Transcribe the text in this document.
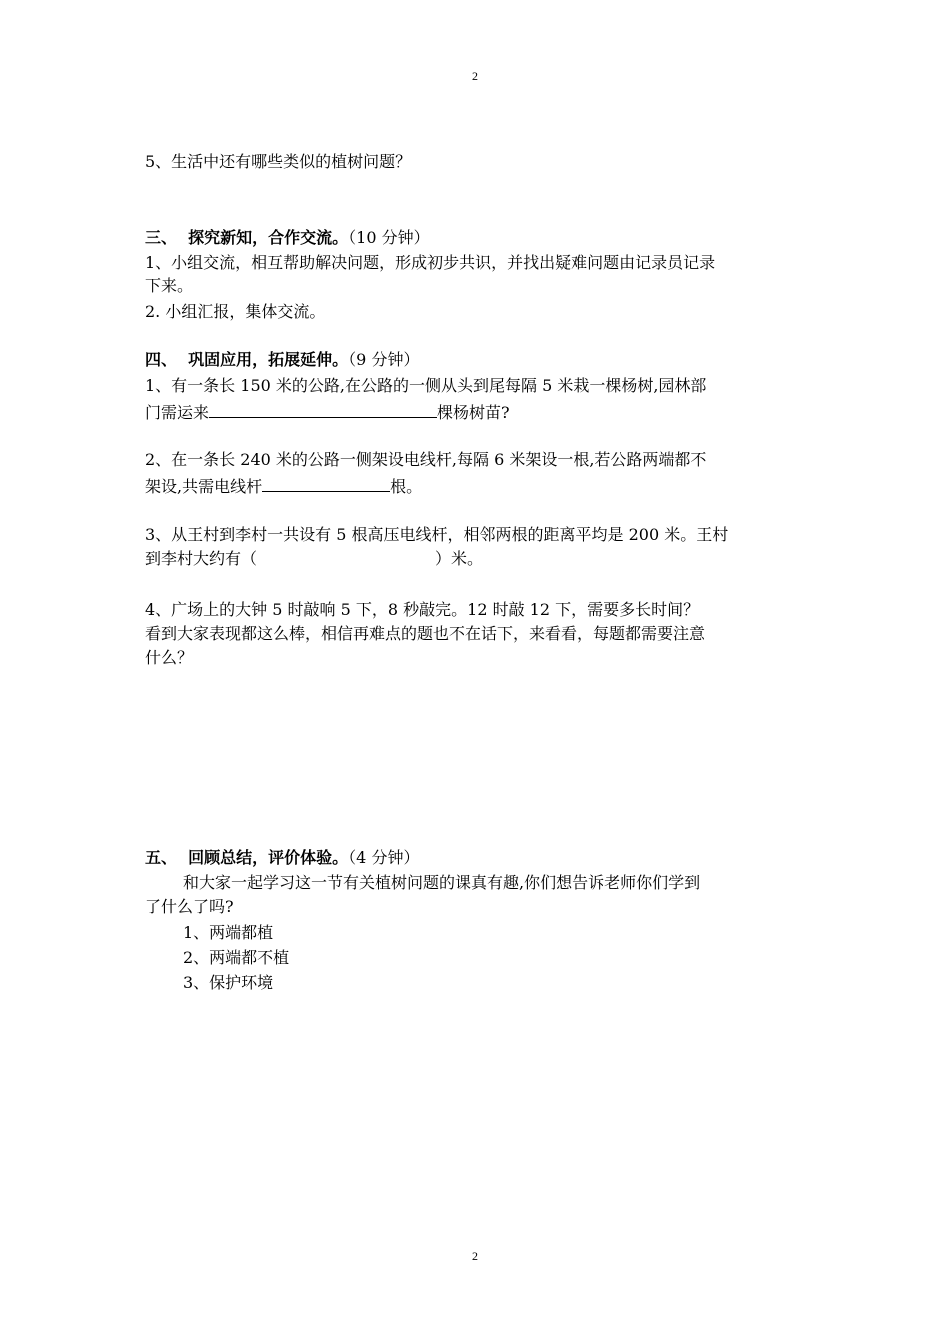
2
5、生活中还有哪些类似的植树问题？
三、 探究新知，合作交流。（10 分钟）
1、小组交流，相互帮助解决问题，形成初步共识，并找出疑难问题由记录员记录
下来。
2. 小组汇报，集体交流。
四、 巩固应用，拓展延伸。（9 分钟）
1、有一条长 150 米的公路,在公路的一侧从头到尾每隔 5 米栽一棵杨树,园林部
门需运来	棵杨树苗?
2、在一条长 240 米的公路一侧架设电线杆,每隔 6 米架设一根,若公路两端都不
架设,共需电线杆	根。
3、从王村到李村一共设有 5 根高压电线杆，相邻两根的距离平均是 200 米。王村
到李村大约有（	）米。
4、广场上的大钟 5 时敲响 5 下，8 秒敲完。12 时敲 12 下，需要多长时间？
看到大家表现都这么棒，相信再难点的题也不在话下，来看看，每题都需要注意
什么？
五、 回顾总结，评价体验。（4 分钟）
和大家一起学习这一节有关植树问题的课真有趣,你们想告诉老师你们学到
了什么了吗?
1、两端都植
2、两端都不植
3、保护环境
2
